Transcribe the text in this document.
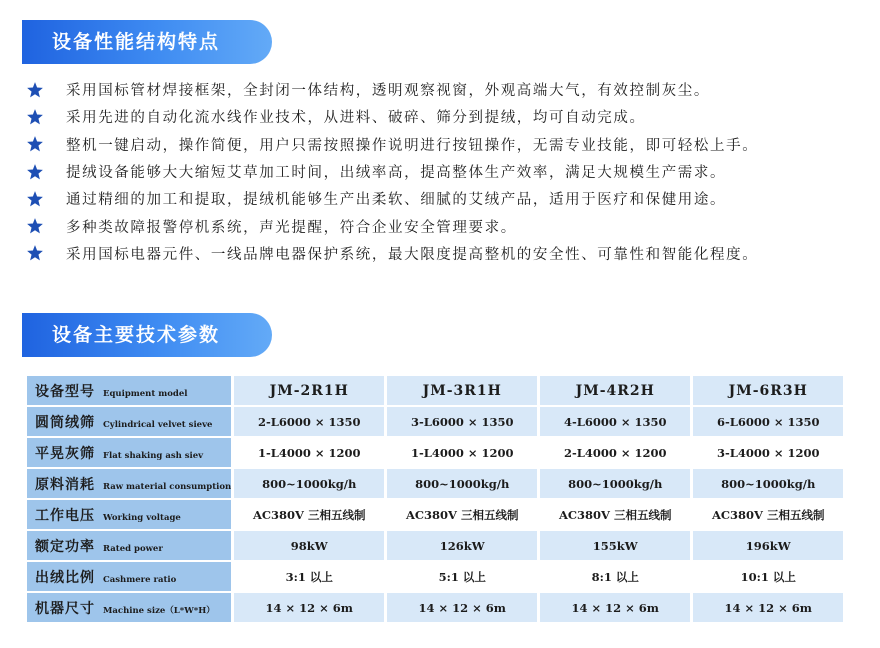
设备性能结构特点
采用国标管材焊接框架，全封闭一体结构，透明观察视窗，外观高端大气，有效控制灰尘。
采用先进的自动化流水线作业技术，从进料、破碎、筛分到提绒，均可自动完成。
整机一键启动，操作简便，用户只需按照操作说明进行按钮操作，无需专业技能，即可轻松上手。
提绒设备能够大大缩短艾草加工时间，出绒率高，提高整体生产效率，满足大规模生产需求。
通过精细的加工和提取，提绒机能够生产出柔软、细腻的艾绒产品，适用于医疗和保健用途。
多种类故障报警停机系统，声光提醒，符合企业安全管理要求。
采用国标电器元件、一线品牌电器保护系统，最大限度提高整机的安全性、可靠性和智能化程度。
设备主要技术参数
设备型号 Equipment model	JM-2R1H	JM-3R1H	JM-4R2H	JM-6R3H
圆筒绒筛 Cylindrical velvet sieve	2-L6000 × 1350	3-L6000 × 1350	4-L6000 × 1350	6-L6000 × 1350
平晃灰筛 Flat shaking ash siev	1-L4000 × 1200	1-L4000 × 1200	2-L4000 × 1200	3-L4000 × 1200
原料消耗 Raw material consumption	800~1000kg/h	800~1000kg/h	800~1000kg/h	800~1000kg/h
工作电压 Working voltage	AC380V 三相五线制	AC380V 三相五线制	AC380V 三相五线制	AC380V 三相五线制
额定功率 Rated power	98kW	126kW	155kW	196kW
出绒比例 Cashmere ratio	3:1 以上	5:1 以上	8:1 以上	10:1 以上
机器尺寸 Machine size（L*W*H）	14 × 12 × 6m	14 × 12 × 6m	14 × 12 × 6m	14 × 12 × 6m
